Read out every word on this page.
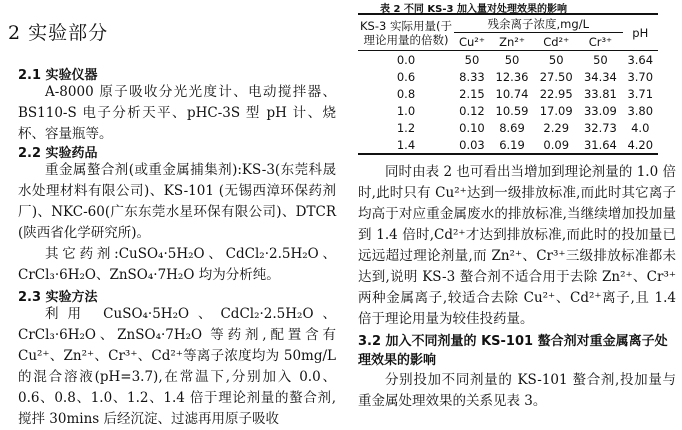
2 实验部分
2.1 实验仪器

A-8000 原子吸收分光光度计、电动搅拌器、BS110-S 电子分析天平、pHC-3S 型 pH 计、烧杯、容量瓶等。

2.2 实验药品

重金属螯合剂(或重金属捕集剂):KS-3(东莞科晟水处理材料有限公司)、KS-101 (无锡西漳环保药剂厂)、NKC-60(广东东莞水星环保有限公司)、DTCR (陕西省化学研究所)。

其它药剂:CuSO₄·5H₂O、CdCl₂·2.5H₂O、CrCl₃·6H₂O、ZnSO₄·7H₂O 均为分析纯。

2.3 实验方法

利用 CuSO₄·5H₂O、CdCl₂·2.5H₂O、CrCl₃·6H₂O、ZnSO₄·7H₂O 等药剂,配置含有 Cu²⁺、Zn²⁺、Cr³⁺、Cd²⁺等离子浓度均为 50mg/L 的混合溶液(pH=3.7),在常温下,分别加入 0.0、0.6、0.8、1.0、1.2、1.4 倍于理论剂量的螯合剂,搅拌 30mins 后经沉淀、过滤再用原子吸收

表 2 不同 KS-3 加入量对处理效果的影响
KS-3 实际用量(于理论用量的倍数)	残余离子浓度,mg/L				pH
	Cu²⁺	Zn²⁺	Cd²⁺	Cr³⁺	
0.0	50	50	50	50	3.64
0.6	8.33	12.36	27.50	34.34	3.70
0.8	2.15	10.74	22.95	33.81	3.71
1.0	0.12	10.59	17.09	33.09	3.80
1.2	0.10	8.69	2.29	32.73	4.0
1.4	0.03	6.19	0.09	31.64	4.20

同时由表 2 也可看出当增加到理论剂量的 1.0 倍时,此时只有 Cu²⁺达到一级排放标准,而此时其它离子均高于对应重金属废水的排放标准,当继续增加投加量到 1.4 倍时,Cd²⁺才达到排放标准,而此时的投加量已远远超过理论剂量,而 Zn²⁺、Cr³⁺三级排放标准都未达到,说明 KS-3 螯合剂不适合用于去除 Zn²⁺、Cr³⁺两种金属离子,较适合去除 Cu²⁺、Cd²⁺离子,且 1.4 倍于理论用量为较佳投药量。

3.2 加入不同剂量的 KS-101 螯合剂对重金属离子处理效果的影响

分别投加不同剂量的 KS-101 螯合剂,投加量与重金属处理效果的关系见表 3。
